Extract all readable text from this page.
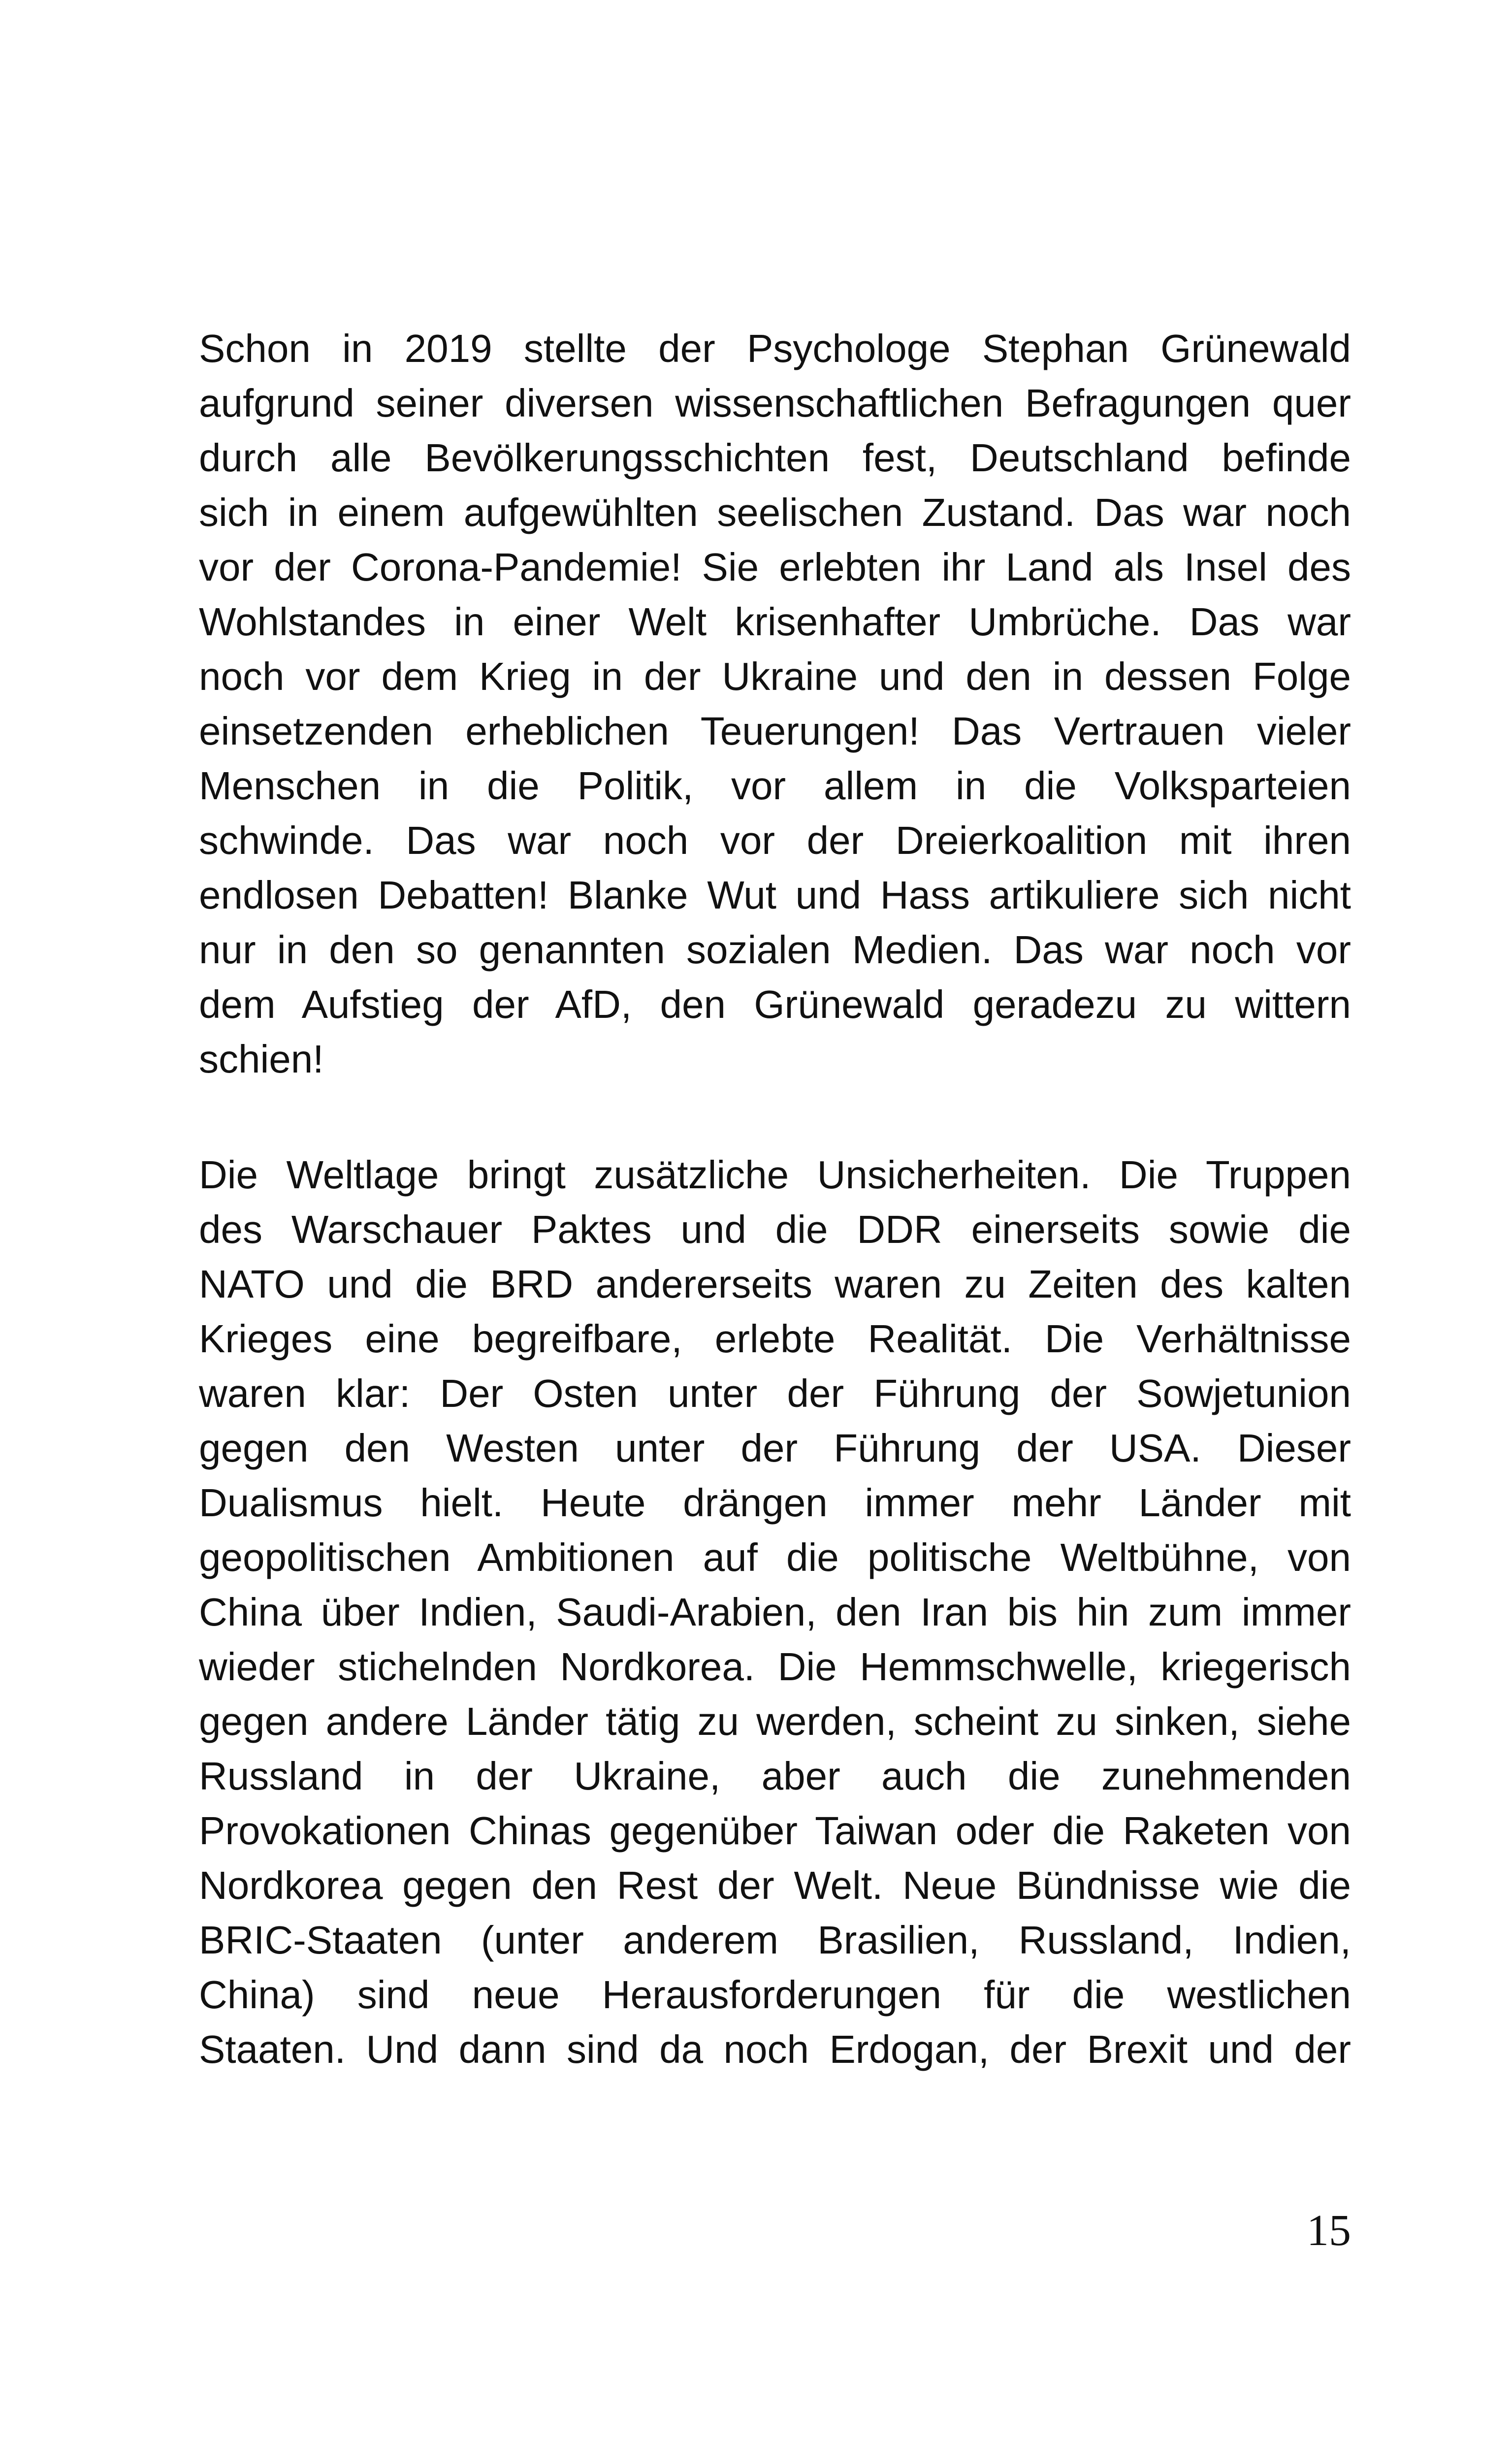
Schon in 2019 stellte der Psychologe Stephan Grünewald
aufgrund seiner diversen wissenschaftlichen Befragungen quer
durch alle Bevölkerungsschichten fest, Deutschland befinde
sich in einem aufgewühlten seelischen Zustand. Das war noch
vor der Corona-Pandemie! Sie erlebten ihr Land als Insel des
Wohlstandes in einer Welt krisenhafter Umbrüche. Das war
noch vor dem Krieg in der Ukraine und den in dessen Folge
einsetzenden erheblichen Teuerungen! Das Vertrauen vieler
Menschen in die Politik, vor allem in die Volksparteien
schwinde. Das war noch vor der Dreierkoalition mit ihren
endlosen Debatten! Blanke Wut und Hass artikuliere sich nicht
nur in den so genannten sozialen Medien. Das war noch vor
dem Aufstieg der AfD, den Grünewald geradezu zu wittern
schien!
Die Weltlage bringt zusätzliche Unsicherheiten. Die Truppen
des Warschauer Paktes und die DDR einerseits sowie die
NATO und die BRD andererseits waren zu Zeiten des kalten
Krieges eine begreifbare, erlebte Realität. Die Verhältnisse
waren klar: Der Osten unter der Führung der Sowjetunion
gegen den Westen unter der Führung der USA. Dieser
Dualismus hielt. Heute drängen immer mehr Länder mit
geopolitischen Ambitionen auf die politische Weltbühne, von
China über Indien, Saudi-Arabien, den Iran bis hin zum immer
wieder stichelnden Nordkorea. Die Hemmschwelle, kriegerisch
gegen andere Länder tätig zu werden, scheint zu sinken, siehe
Russland in der Ukraine, aber auch die zunehmenden
Provokationen Chinas gegenüber Taiwan oder die Raketen von
Nordkorea gegen den Rest der Welt. Neue Bündnisse wie die
BRIC-Staaten (unter anderem Brasilien, Russland, Indien,
China) sind neue Herausforderungen für die westlichen
Staaten. Und dann sind da noch Erdogan, der Brexit und der
15
